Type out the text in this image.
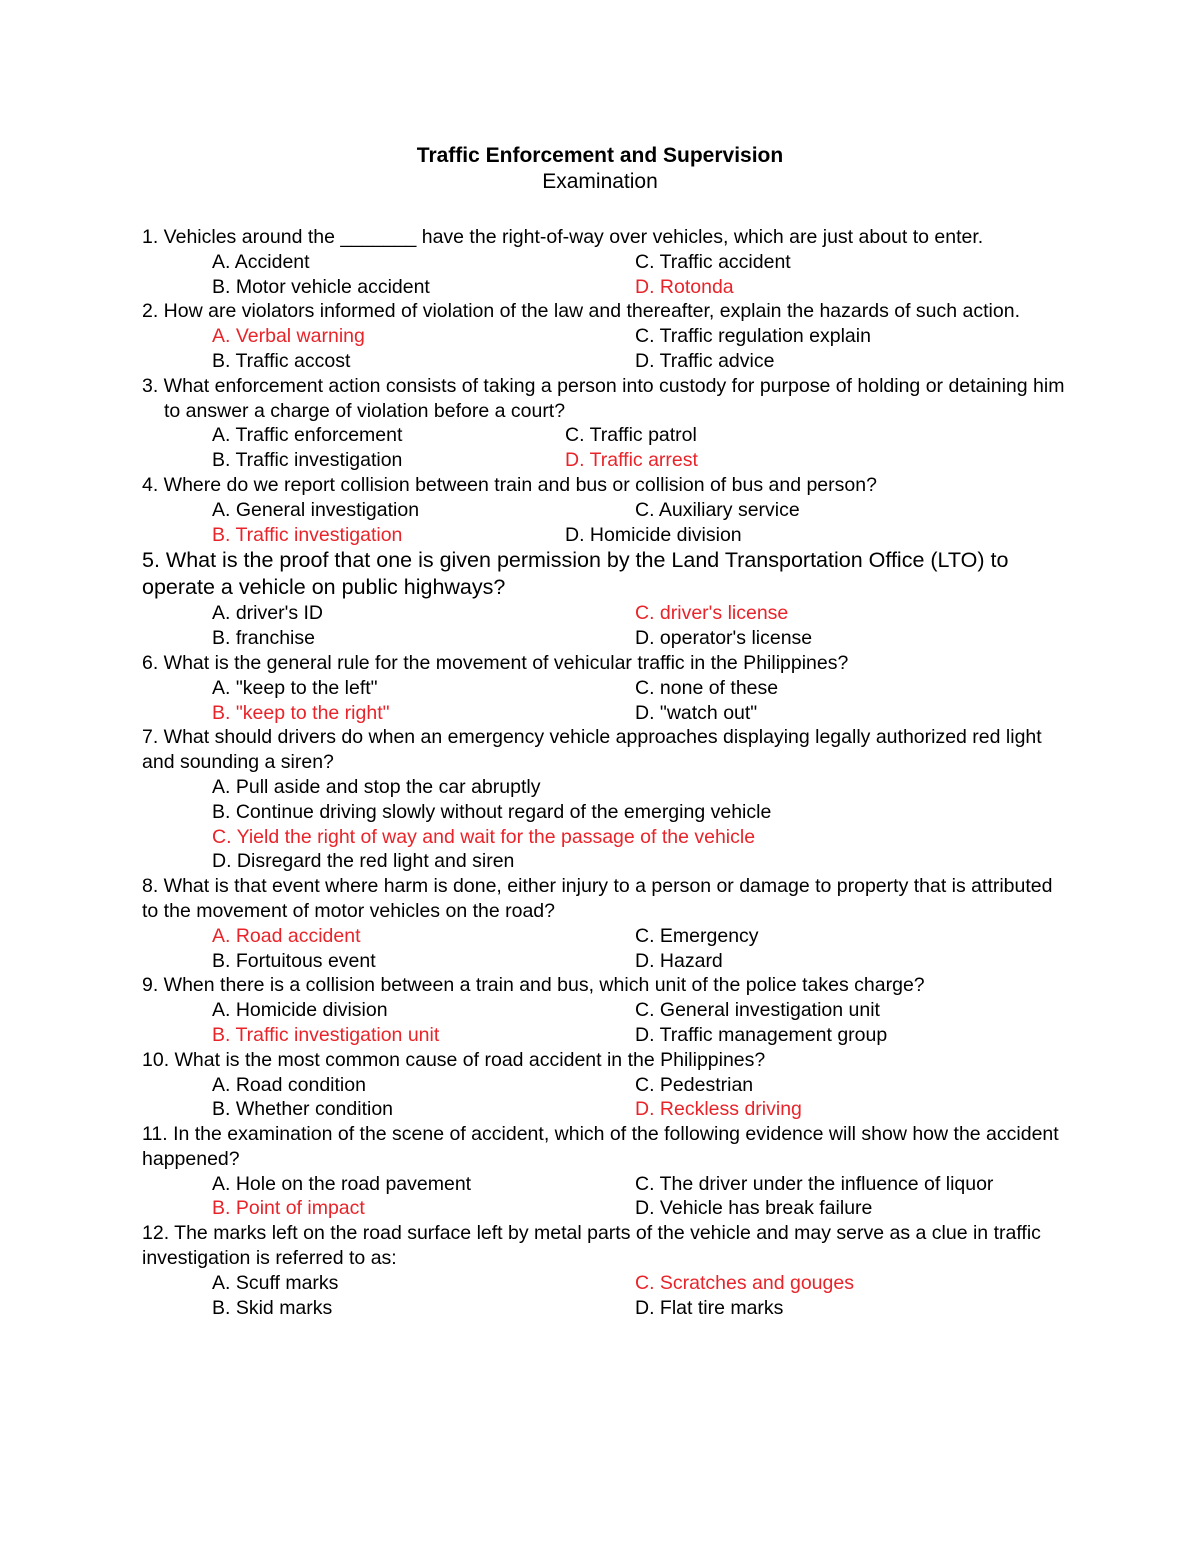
Traffic Enforcement and Supervision
Examination
1. Vehicles around the _______ have the right-of-way over vehicles, which are just about to enter.
A. Accident	C. Traffic accident
B. Motor vehicle accident	D. Rotonda
2. How are violators informed of violation of the law and thereafter, explain the hazards of such action.
A. Verbal warning	C. Traffic regulation explain
B. Traffic accost	D. Traffic advice
3. What enforcement action consists of taking a person into custody for purpose of holding or detaining him to answer a charge of violation before a court?
A. Traffic enforcement	C. Traffic patrol
B. Traffic investigation	D. Traffic arrest
4. Where do we report collision between train and bus or collision of bus and person?
A. General investigation	C. Auxiliary service
B. Traffic investigation	D. Homicide division
5. What is the proof that one is given permission by the Land Transportation Office (LTO) to operate a vehicle on public highways?
A. driver's ID	C. driver's license
B. franchise	D. operator's license
6. What is the general rule for the movement of vehicular traffic in the Philippines?
A. "keep to the left"	C. none of these
B. "keep to the right"	D. "watch out"
7. What should drivers do when an emergency vehicle approaches displaying legally authorized red light and sounding a siren?
A. Pull aside and stop the car abruptly
B. Continue driving slowly without regard of the emerging vehicle
C. Yield the right of way and wait for the passage of the vehicle
D. Disregard the red light and siren
8. What is that event where harm is done, either injury to a person or damage to property that is attributed to the movement of motor vehicles on the road?
A. Road accident	C. Emergency
B. Fortuitous event	D. Hazard
9. When there is a collision between a train and bus, which unit of the police takes charge?
A. Homicide division	C. General investigation unit
B. Traffic investigation unit	D. Traffic management group
10. What is the most common cause of road accident in the Philippines?
A. Road condition	C. Pedestrian
B. Whether condition	D. Reckless driving
11. In the examination of the scene of accident, which of the following evidence will show how the accident happened?
A. Hole on the road pavement	C. The driver under the influence of liquor
B. Point of impact	D. Vehicle has break failure
12. The marks left on the road surface left by metal parts of the vehicle and may serve as a clue in traffic investigation is referred to as:
A. Scuff marks	C. Scratches and gouges
B. Skid marks	D. Flat tire marks
